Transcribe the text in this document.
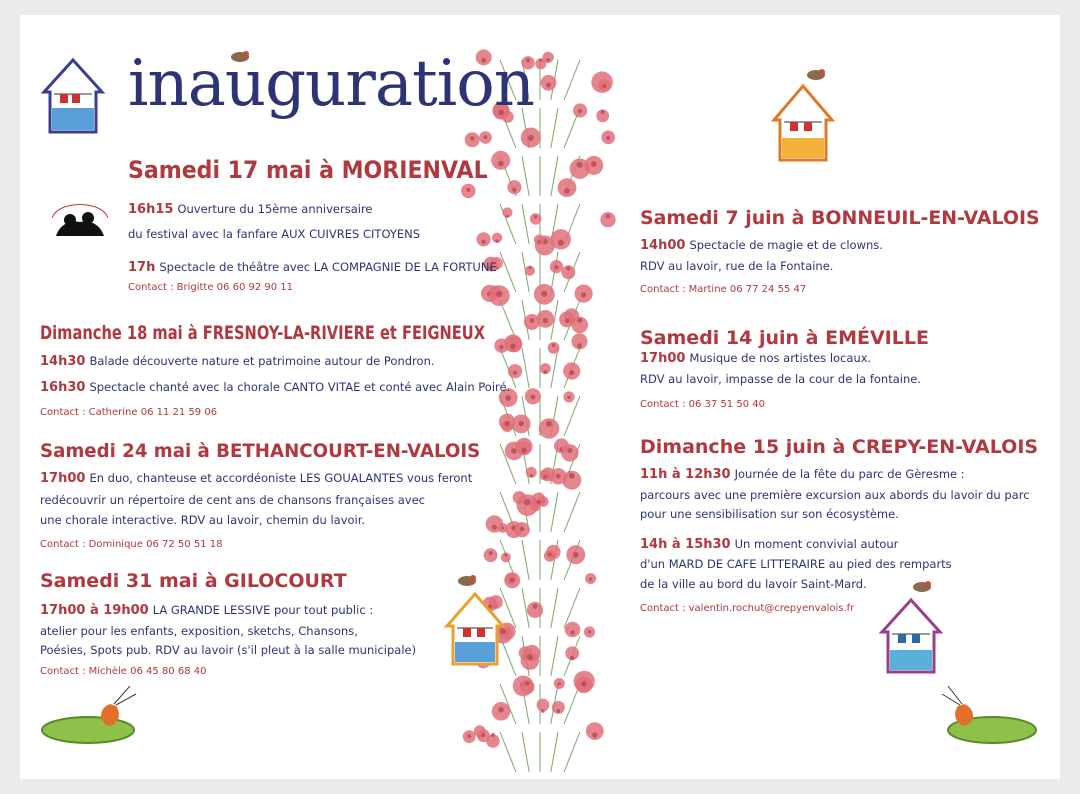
inauguration
Samedi 17 mai à MORIENVAL
16h15 Ouverture du 15ème anniversaire
du festival avec la fanfare AUX CUIVRES CITOYENS
17h Spectacle de théâtre avec LA COMPAGNIE DE LA FORTUNE
Contact : Brigitte 06 60 92 90 11
Dimanche 18 mai à FRESNOY-LA-RIVIERE et FEIGNEUX
14h30 Balade découverte nature et patrimoine autour de Pondron.
16h30 Spectacle chanté avec la chorale CANTO VITAE et conté avec Alain Poiré.
Contact : Catherine 06 11 21 59 06
Samedi 24 mai à BETHANCOURT-EN-VALOIS
17h00 En duo, chanteuse et accordéoniste LES GOUALANTES vous feront
redécouvrir un répertoire de cent ans de chansons françaises avec
une chorale interactive. RDV au lavoir, chemin du lavoir.
Contact : Dominique 06 72 50 51 18
Samedi 31 mai à GILOCOURT
17h00 à 19h00 LA GRANDE LESSIVE pour tout public :
atelier pour les enfants, exposition, sketchs, Chansons,
Poésies, Spots pub. RDV au lavoir (s'il pleut à la salle municipale)
Contact : Michèle 06 45 80 68 40
Samedi 7 juin à BONNEUIL-EN-VALOIS
14h00 Spectacle de magie et de clowns.
RDV au lavoir, rue de la Fontaine.
Contact : Martine 06 77 24 55 47
Samedi 14 juin à EMÉVILLE
17h00 Musique de nos artistes locaux.
RDV au lavoir, impasse de la cour de la fontaine.
Contact : 06 37 51 50 40
Dimanche 15 juin à CREPY-EN-VALOIS
11h à 12h30 Journée de la fête du parc de Gèresme :
parcours avec une première excursion aux abords du lavoir du parc
pour une sensibilisation sur son écosystème.
14h à 15h30 Un moment convivial autour
d'un MARD DE CAFE LITTERAIRE au pied des remparts
de la ville au bord du lavoir Saint-Mard.
Contact : valentin.rochut@crepyenvalois.fr
